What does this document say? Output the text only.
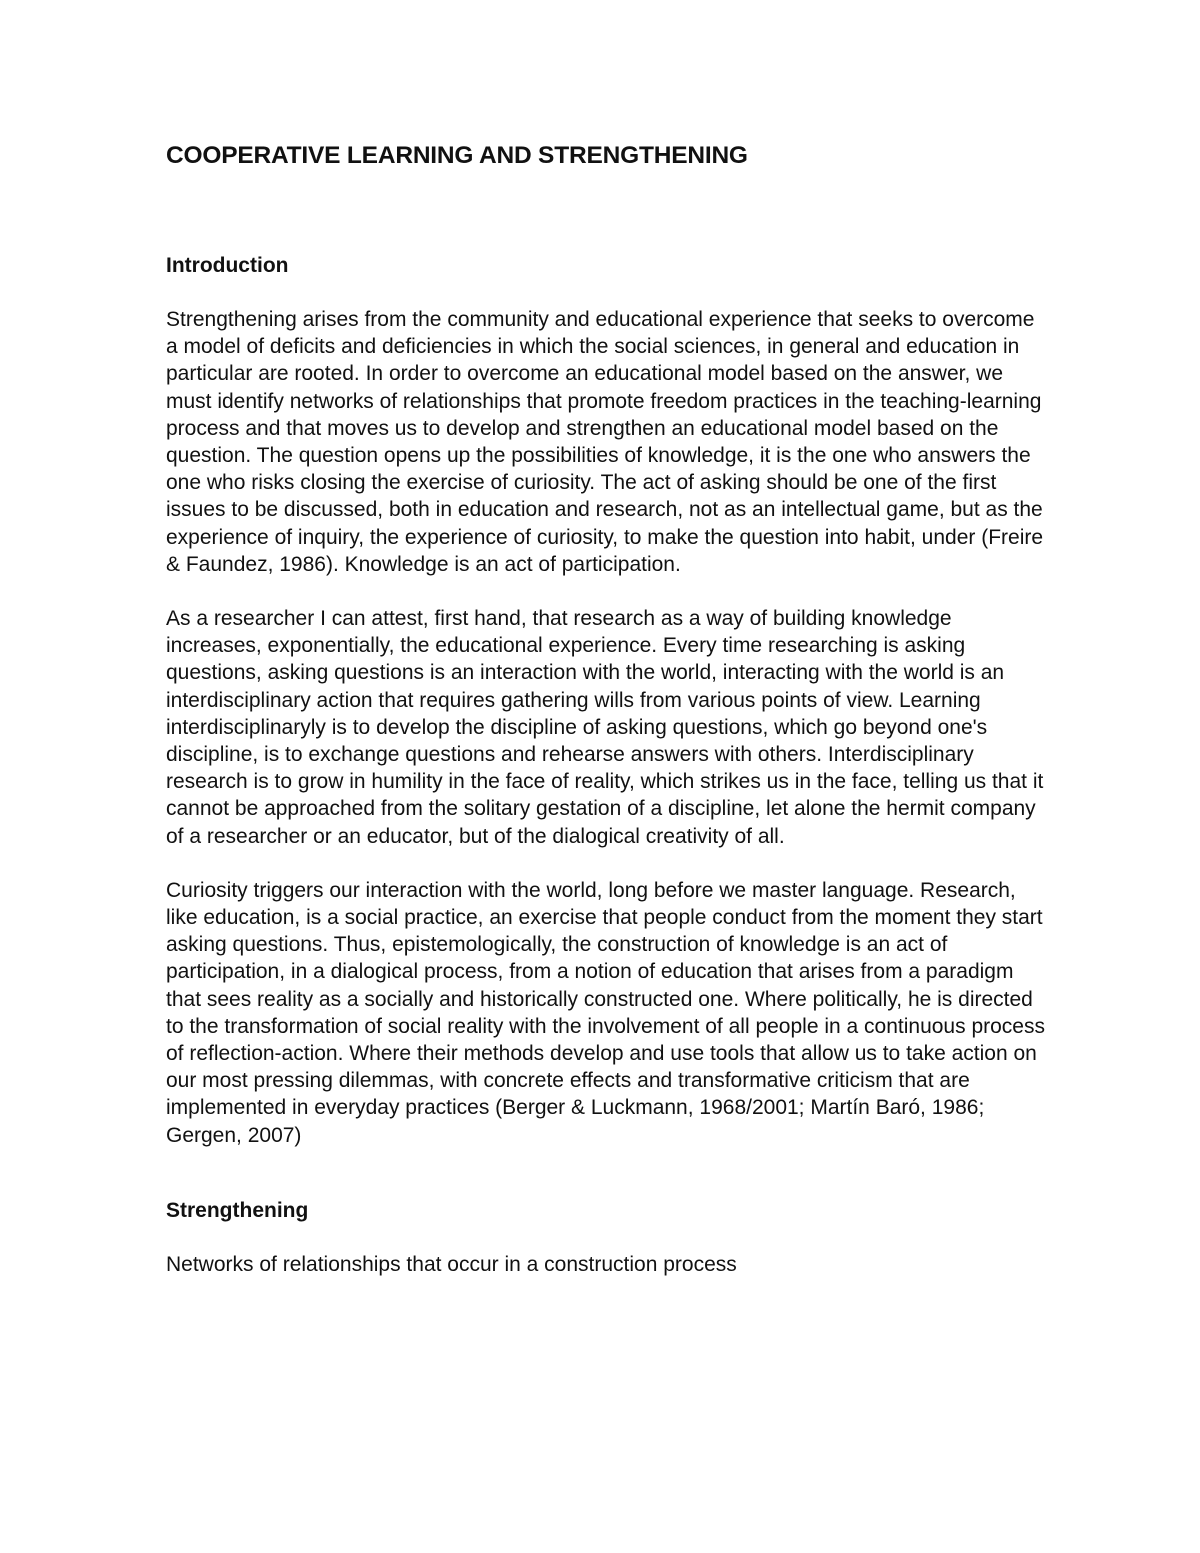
COOPERATIVE LEARNING AND STRENGTHENING
Introduction

Strengthening arises from the community and educational experience that seeks to overcome a model of deficits and deficiencies in which the social sciences, in general and education in particular are rooted. In order to overcome an educational model based on the answer, we must identify networks of relationships that promote freedom practices in the teaching-learning process and that moves us to develop and strengthen an educational model based on the question. The question opens up the possibilities of knowledge, it is the one who answers the one who risks closing the exercise of curiosity. The act of asking should be one of the first issues to be discussed, both in education and research, not as an intellectual game, but as the experience of inquiry, the experience of curiosity, to make the question into habit, under (Freire & Faundez, 1986). Knowledge is an act of participation.

As a researcher I can attest, first hand, that research as a way of building knowledge increases, exponentially, the educational experience. Every time researching is asking questions, asking questions is an interaction with the world, interacting with the world is an interdisciplinary action that requires gathering wills from various points of view. Learning interdisciplinaryly is to develop the discipline of asking questions, which go beyond one's discipline, is to exchange questions and rehearse answers with others. Interdisciplinary research is to grow in humility in the face of reality, which strikes us in the face, telling us that it cannot be approached from the solitary gestation of a discipline, let alone the hermit company of a researcher or an educator, but of the dialogical creativity of all.

Curiosity triggers our interaction with the world, long before we master language. Research, like education, is a social practice, an exercise that people conduct from the moment they start asking questions. Thus, epistemologically, the construction of knowledge is an act of participation, in a dialogical process, from a notion of education that arises from a paradigm that sees reality as a socially and historically constructed one. Where politically, he is directed to the transformation of social reality with the involvement of all people in a continuous process of reflection-action. Where their methods develop and use tools that allow us to take action on our most pressing dilemmas, with concrete effects and transformative criticism that are implemented in everyday practices (Berger & Luckmann, 1968/2001; Martín Baró, 1986; Gergen, 2007)

Strengthening

Networks of relationships that occur in a construction process
